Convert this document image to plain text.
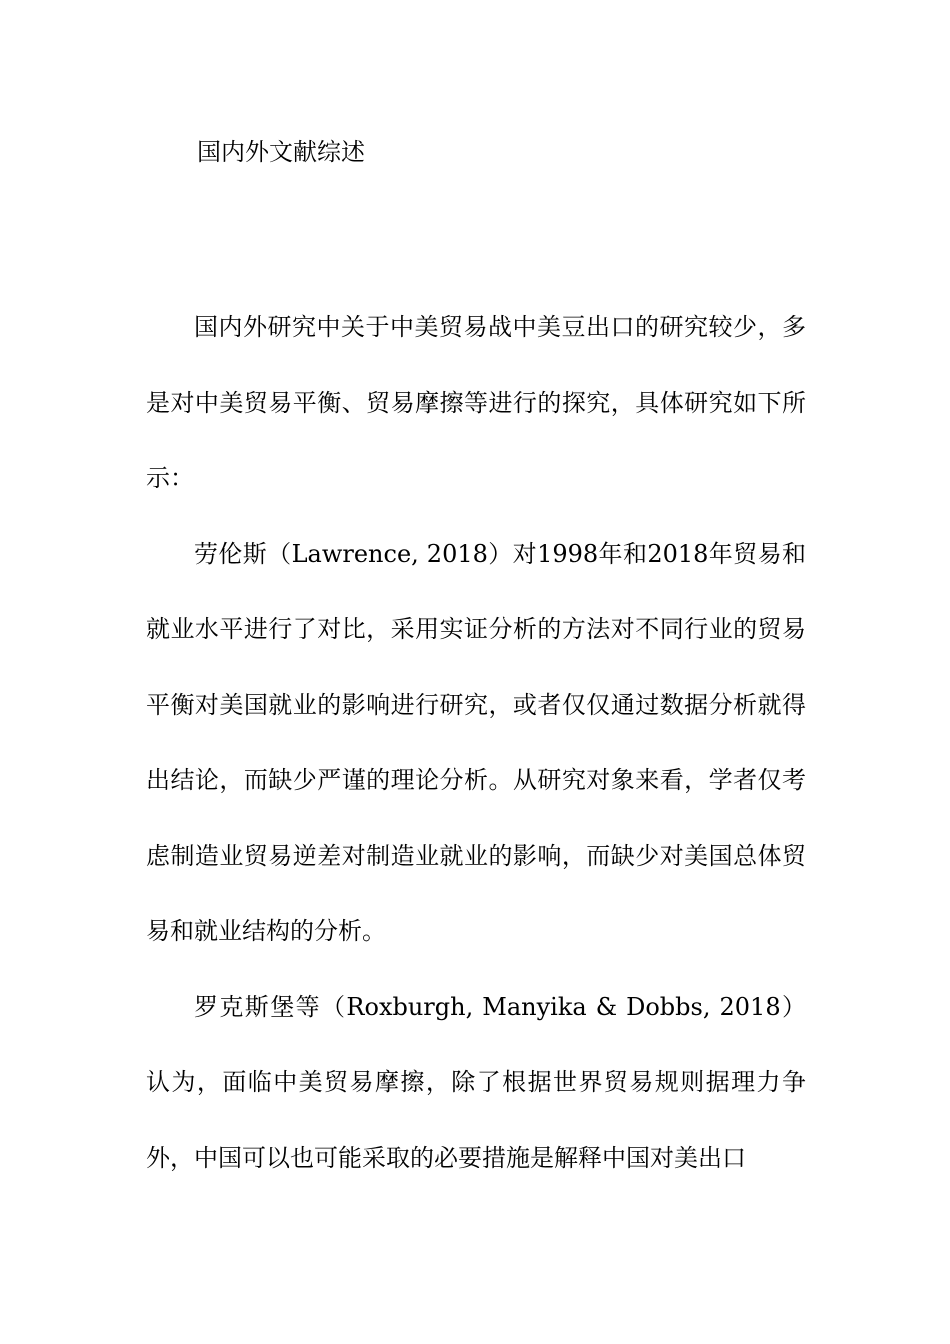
国内外文献综述

国内外研究中关于中美贸易战中美豆出口的研究较少，多是对中美贸易平衡、贸易摩擦等进行的探究，具体研究如下所示：

劳伦斯（Lawrence, 2018）对1998年和2018年贸易和就业水平进行了对比，采用实证分析的方法对不同行业的贸易平衡对美国就业的影响进行研究，或者仅仅通过数据分析就得出结论，而缺少严谨的理论分析。从研究对象来看，学者仅考虑制造业贸易逆差对制造业就业的影响，而缺少对美国总体贸易和就业结构的分析。

罗克斯堡等（Roxburgh, Manyika & Dobbs, 2018）认为，面临中美贸易摩擦，除了根据世界贸易规则据理力争外，中国可以也可能采取的必要措施是解释中国对美出口
